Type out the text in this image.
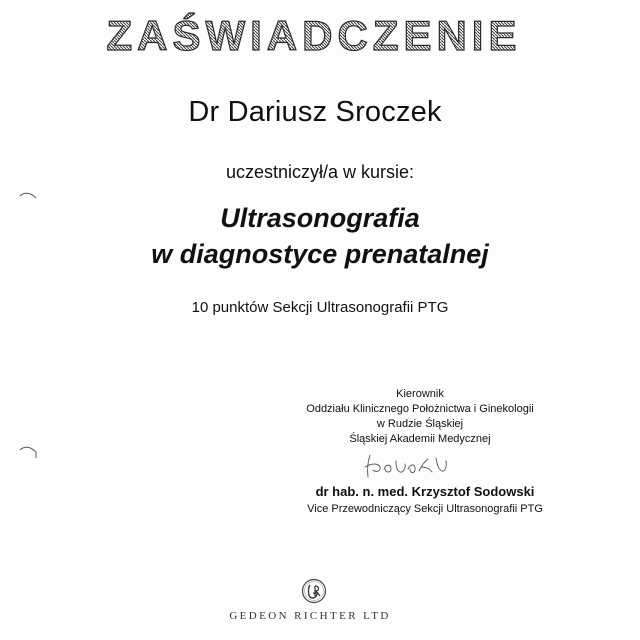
ZAŚWIADCZENIE
Dr Dariusz Sroczek
uczestniczył/a w kursie:
Ultrasonografia
w diagnostyce prenatalnej
10 punktów Sekcji Ultrasonografii PTG
Kierownik
Oddziału Klinicznego Położnictwa i Ginekologii
w Rudzie Śląskiej
Śląskiej Akademii Medycznej
dr hab. n. med. Krzysztof Sodowski
Vice Przewodniczący Sekcji Ultrasonografii PTG
GEDEON RICHTER LTD
